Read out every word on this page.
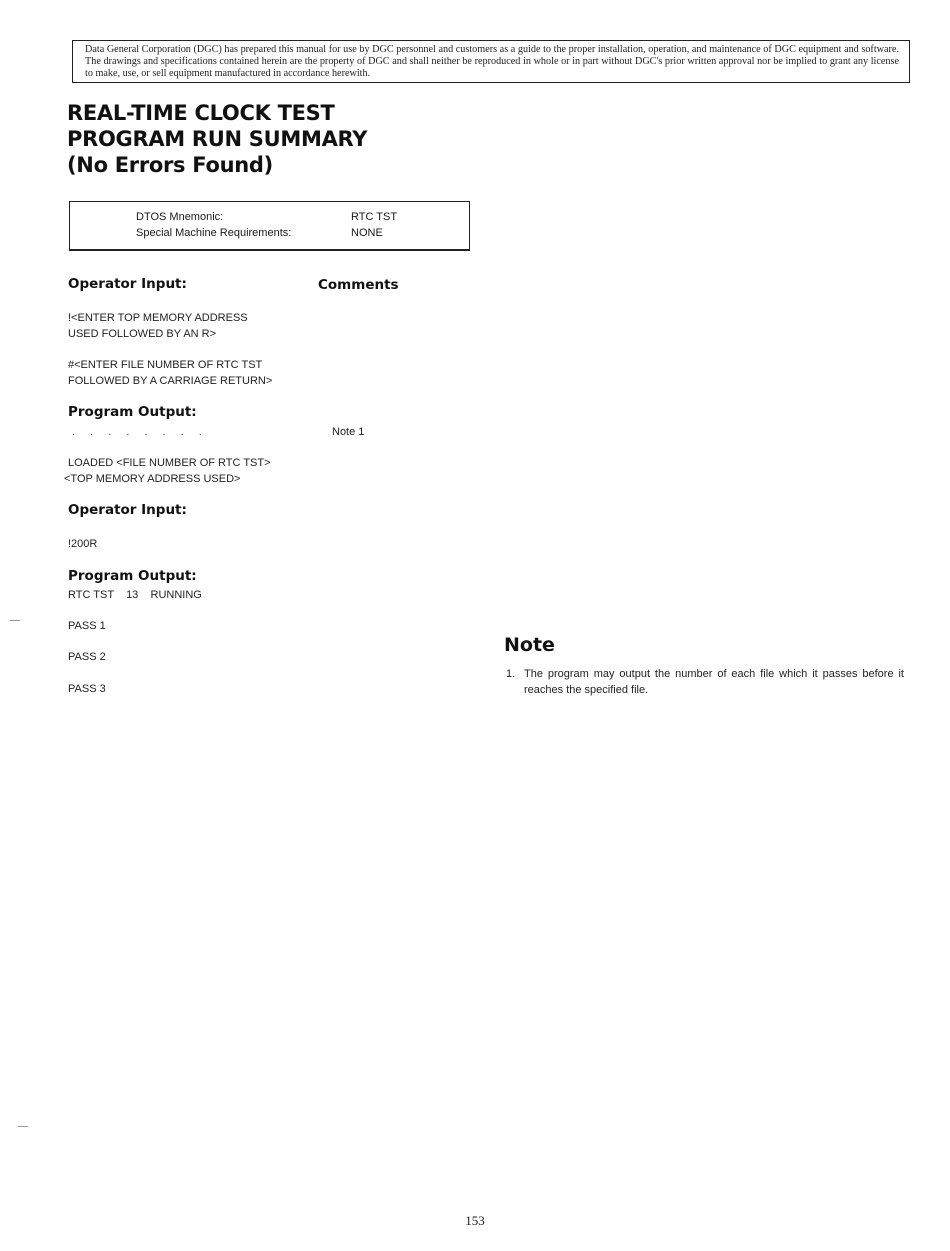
Data General Corporation (DGC) has prepared this manual for use by DGC personnel and customers as a guide to the proper installation, operation, and maintenance of DGC equipment and software. The drawings and specifications contained herein are the property of DGC and shall neither be reproduced in whole or in part without DGC's prior written approval nor be implied to grant any license to make, use, or sell equipment manufactured in accordance herewith.
REAL-TIME CLOCK TEST
PROGRAM RUN SUMMARY
(No Errors Found)
DTOS Mnemonic:	RTC TST
Special Machine Requirements:	NONE
Operator Input:	Comments
!<ENTER TOP MEMORY ADDRESS
USED FOLLOWED BY AN R>
#<ENTER FILE NUMBER OF RTC TST
FOLLOWED BY A CARRIAGE RETURN>
Program Output:
. . . . . . . .	Note 1
LOADED <FILE NUMBER OF RTC TST>
<TOP MEMORY ADDRESS USED>
Operator Input:
!200R
Program Output:
RTC TST    13    RUNNING
PASS 1
PASS 2
PASS 3
Note
1. The program may output the number of each file which it passes before it reaches the specified file.
153
